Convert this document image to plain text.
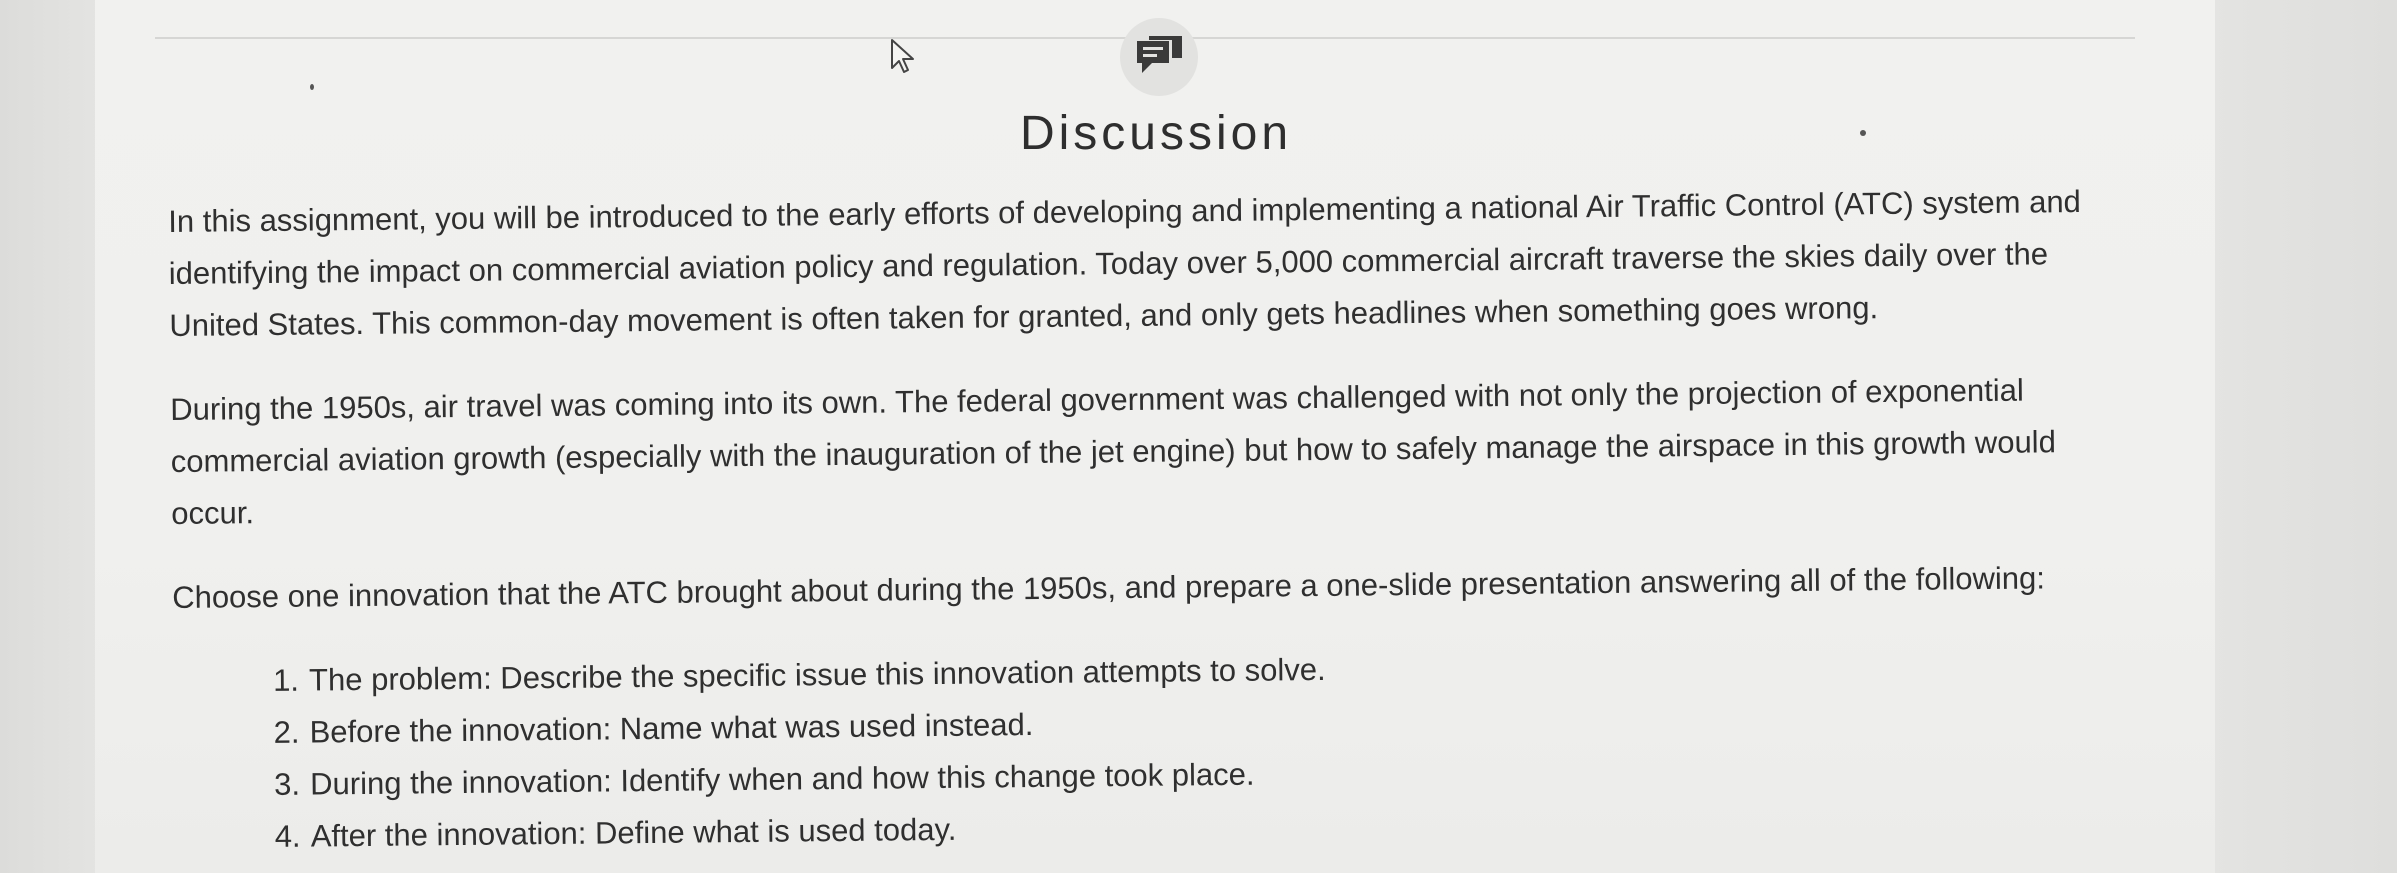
Discussion

In this assignment, you will be introduced to the early efforts of developing and implementing a national Air Traffic Control (ATC) system and identifying the impact on commercial aviation policy and regulation. Today over 5,000 commercial aircraft traverse the skies daily over the United States. This common-day movement is often taken for granted, and only gets headlines when something goes wrong.

During the 1950s, air travel was coming into its own. The federal government was challenged with not only the projection of exponential commercial aviation growth (especially with the inauguration of the jet engine) but how to safely manage the airspace in this growth would occur.

Choose one innovation that the ATC brought about during the 1950s, and prepare a one-slide presentation answering all of the following:

1. The problem: Describe the specific issue this innovation attempts to solve.
2. Before the innovation: Name what was used instead.
3. During the innovation: Identify when and how this change took place.
4. After the innovation: Define what is used today.
